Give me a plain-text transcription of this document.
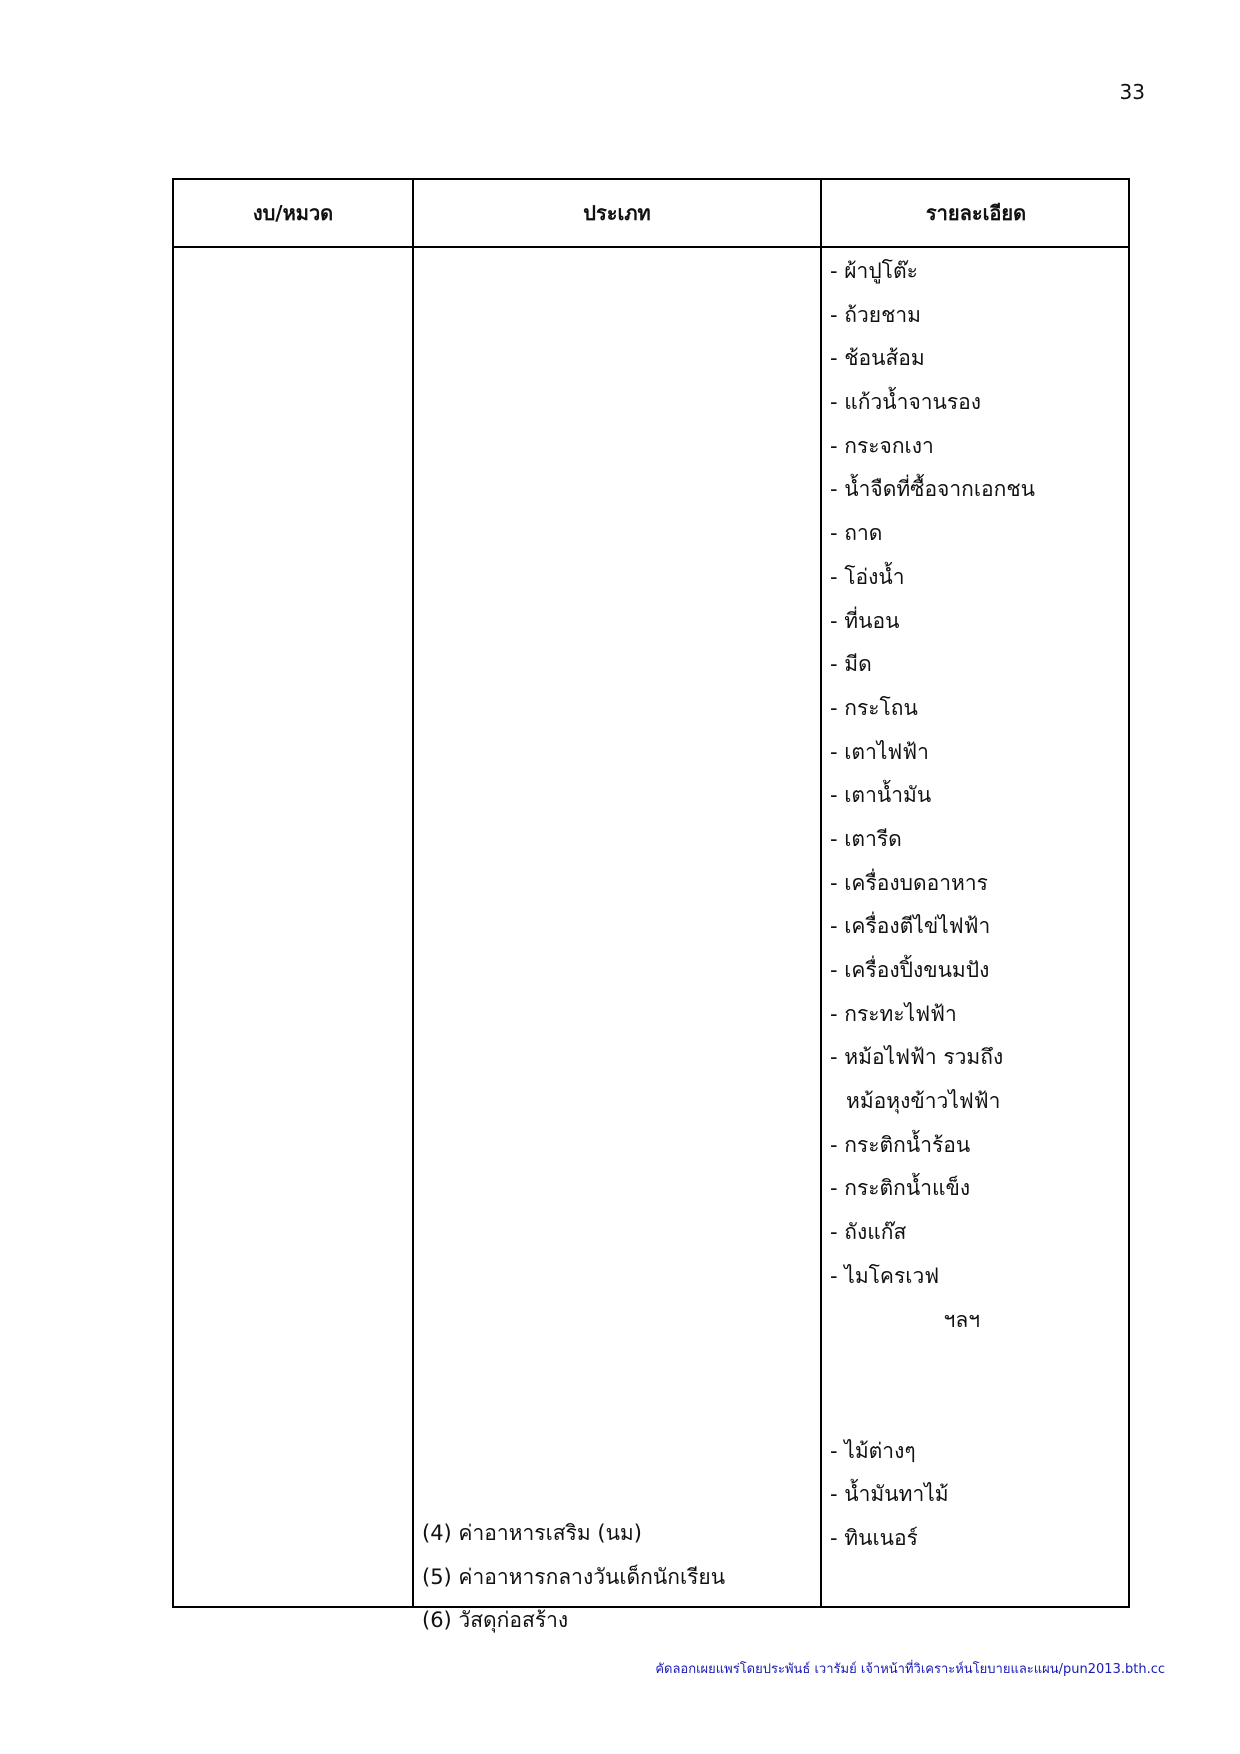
33
งบ/หมวด	ประเภท	รายละเอียด
- ผ้าปูโต๊ะ
- ถ้วยชาม
- ช้อนส้อม
- แก้วน้ำจานรอง
- กระจกเงา
- น้ำจืดที่ซื้อจากเอกชน
- ถาด
- โอ่งน้ำ
- ที่นอน
- มีด
- กระโถน
- เตาไฟฟ้า
- เตาน้ำมัน
- เตารีด
- เครื่องบดอาหาร
- เครื่องตีไข่ไฟฟ้า
- เครื่องปิ้งขนมปัง
- กระทะไฟฟ้า
- หม้อไฟฟ้า รวมถึง
หม้อหุงข้าวไฟฟ้า
- กระติกน้ำร้อน
- กระติกน้ำแข็ง
- ถังแก๊ส
- ไมโครเวฟ
ฯลฯ
- ไม้ต่างๆ
- น้ำมันทาไม้
- ทินเนอร์
(4) ค่าอาหารเสริม (นม)
(5) ค่าอาหารกลางวันเด็กนักเรียน
(6) วัสดุก่อสร้าง
คัดลอกเผยแพร่โดยประพันธ์ เวารัมย์ เจ้าหน้าที่วิเคราะห์นโยบายและแผน/pun2013.bth.cc
